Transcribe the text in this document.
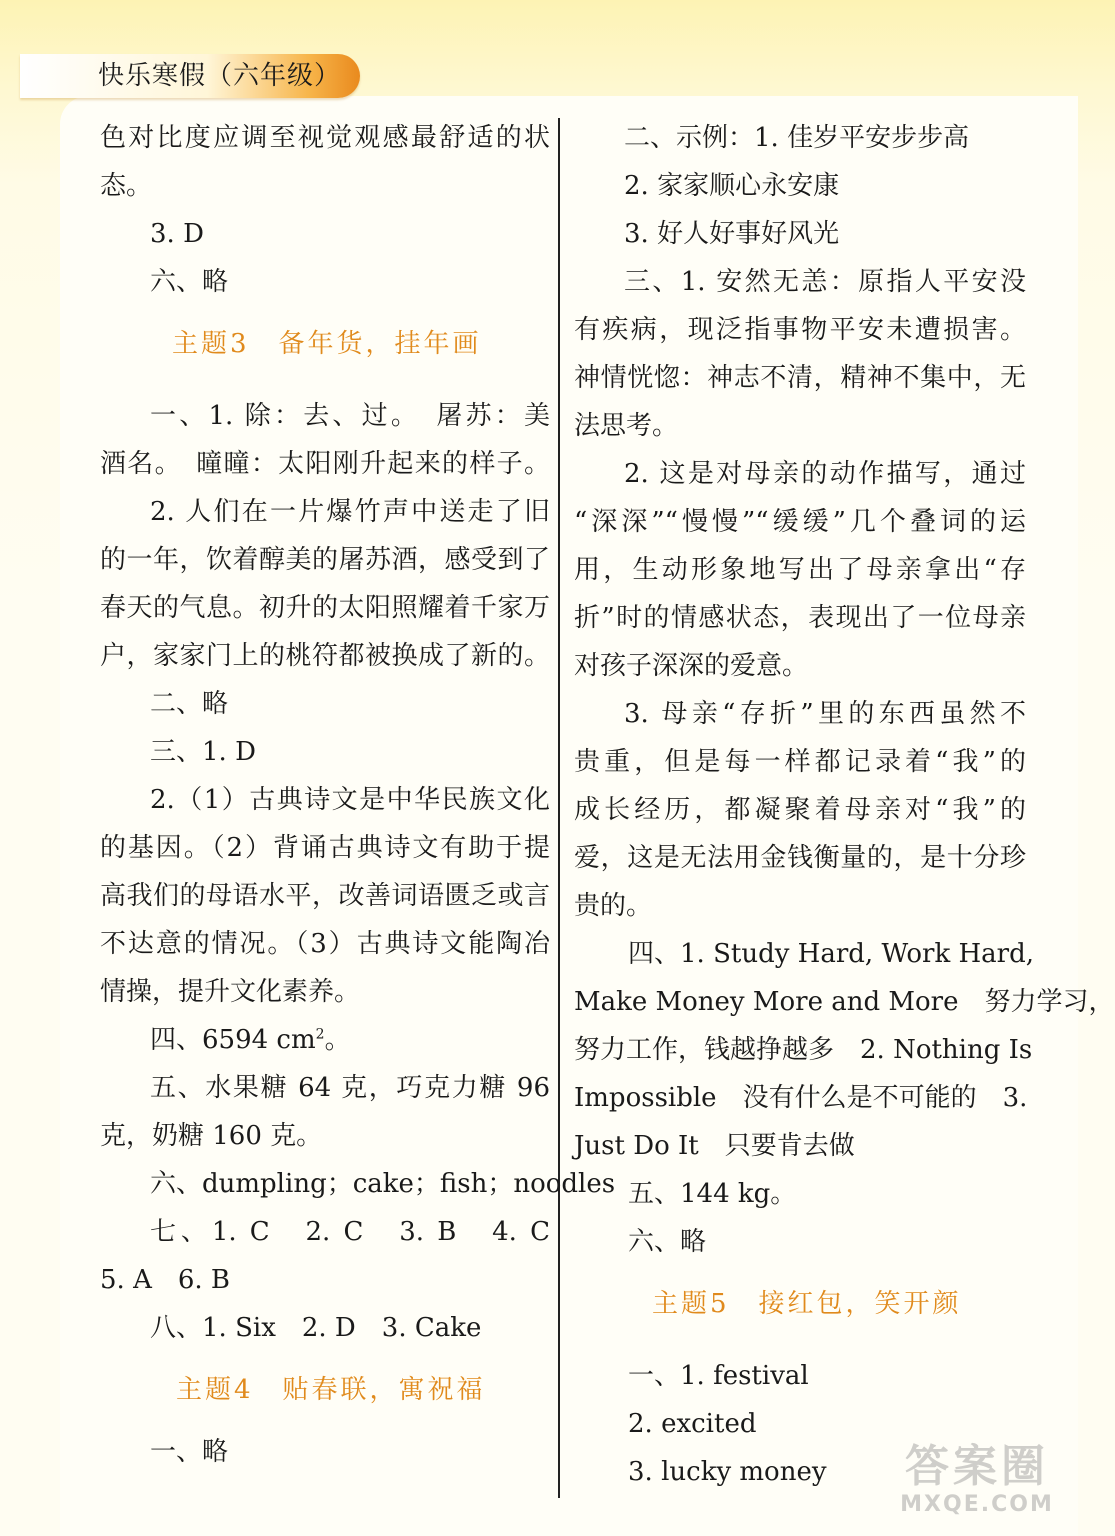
快乐寒假（六年级）
色对比度应调至视觉观感最舒适的状
态。
3. D
六、略
主题3　备年货，挂年画
一、1. 除：去、过。　屠苏：美
酒名。　曈曈：太阳刚升起来的样子。
2. 人们在一片爆竹声中送走了旧
的一年，饮着醇美的屠苏酒，感受到了
春天的气息。初升的太阳照耀着千家万
户，家家门上的桃符都被换成了新的。
二、略
三、1. D
2.（1）古典诗文是中华民族文化
的基因。（2）背诵古典诗文有助于提
高我们的母语水平，改善词语匮乏或言
不达意的情况。（3）古典诗文能陶冶
情操，提升文化素养。
四、6594 $cm^2$。
五、水果糖 64 克，巧克力糖 96
克，奶糖 160 克。
六、dumpling；cake；fish；noodles
七、1. C　2. C　3. B　4. C
5. A　6. B
八、1. Six　2. D　3. Cake
主题4　贴春联，寓祝福
一、略
二、示例：1. 佳岁平安步步高
2. 家家顺心永安康
3. 好人好事好风光
三、1. 安然无恙：原指人平安没
有疾病，现泛指事物平安未遭损害。
神情恍惚：神志不清，精神不集中，无
法思考。
2. 这是对母亲的动作描写，通过
“深深”“慢慢”“缓缓”几个叠词的运
用，生动形象地写出了母亲拿出“存
折”时的情感状态，表现出了一位母亲
对孩子深深的爱意。
3. 母亲“存折”里的东西虽然不
贵重，但是每一样都记录着“我”的
成长经历，都凝聚着母亲对“我”的
爱，这是无法用金钱衡量的，是十分珍
贵的。
四、1. Study Hard, Work Hard,
Make Money More and More　努力学习，
努力工作，钱越挣越多　2. Nothing Is
Impossible　没有什么是不可能的　3.
Just Do It　只要肯去做
五、144 kg。
六、略
主题5　接红包，笑开颜
一、1. festival
2. excited
3. lucky money	答案圈
MXQE.COM
